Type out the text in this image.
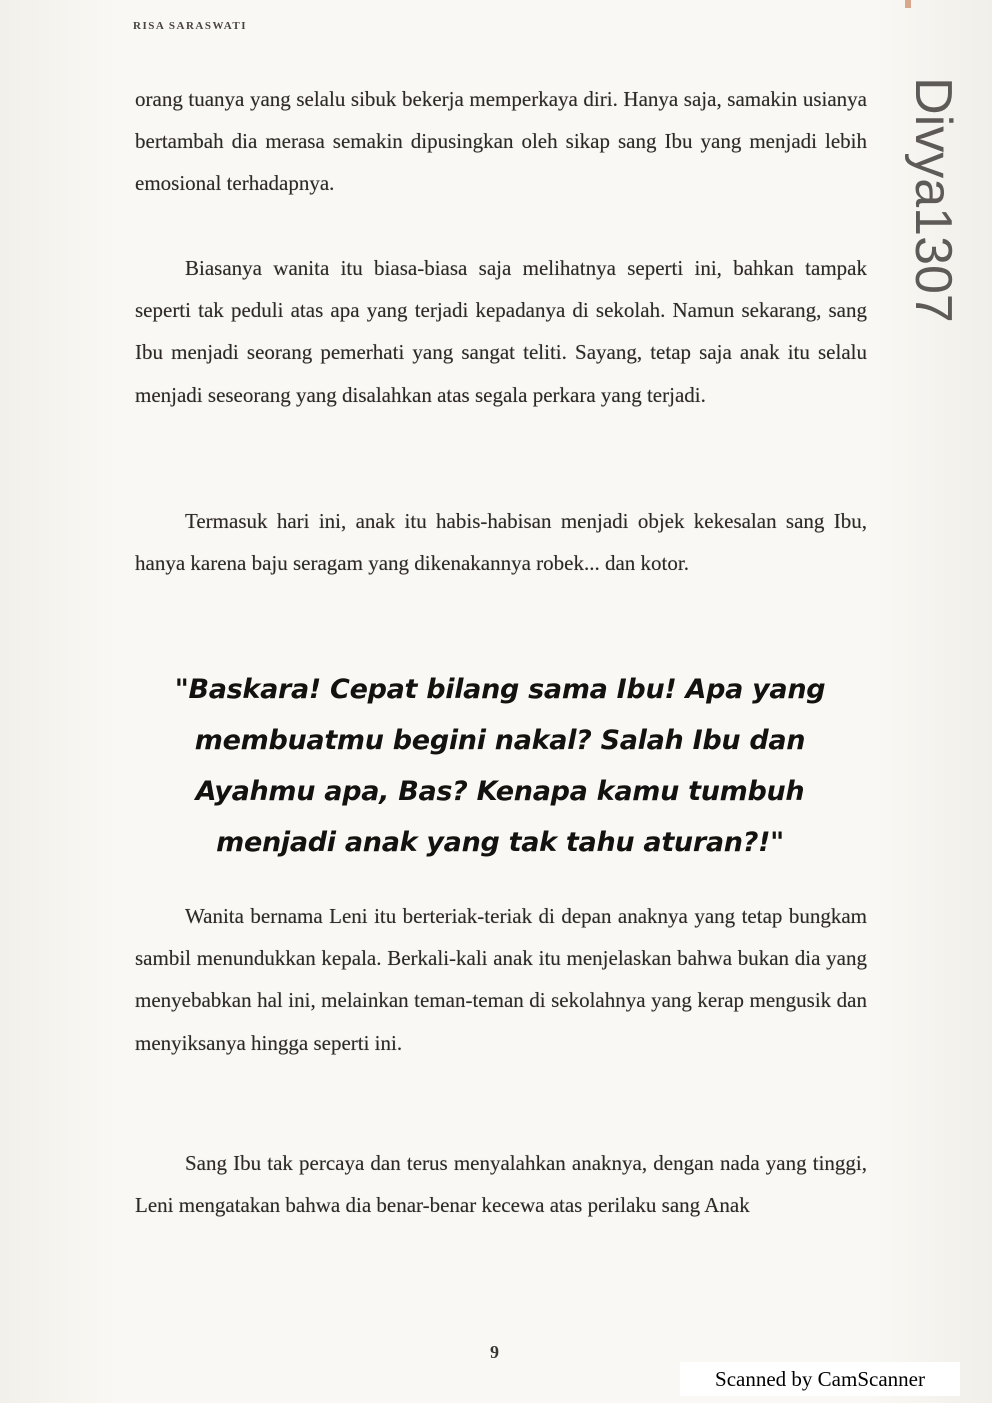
RISA SARASWATI
Divya1307

orang tuanya yang selalu sibuk bekerja memperkaya diri. Hanya saja, samakin usianya bertambah dia merasa semakin dipusingkan oleh sikap sang Ibu yang menjadi lebih emosional terhadapnya.

Biasanya wanita itu biasa-biasa saja melihatnya seperti ini, bahkan tampak seperti tak peduli atas apa yang terjadi kepadanya di sekolah. Namun sekarang, sang Ibu menjadi seorang pemerhati yang sangat teliti. Sayang, tetap saja anak itu selalu menjadi seseorang yang disalahkan atas segala perkara yang terjadi.

Termasuk hari ini, anak itu habis-habisan menjadi objek kekesalan sang Ibu, hanya karena baju seragam yang dikenakannya robek... dan kotor.

"Baskara! Cepat bilang sama Ibu! Apa yang membuatmu begini nakal? Salah Ibu dan Ayahmu apa, Bas? Kenapa kamu tumbuh menjadi anak yang tak tahu aturan?!"

Wanita bernama Leni itu berteriak-teriak di depan anaknya yang tetap bungkam sambil menundukkan kepala. Berkali-kali anak itu menjelaskan bahwa bukan dia yang menyebabkan hal ini, melainkan teman-teman di sekolahnya yang kerap mengusik dan menyiksanya hingga seperti ini.

Sang Ibu tak percaya dan terus menyalahkan anaknya, dengan nada yang tinggi, Leni mengatakan bahwa dia benar-benar kecewa atas perilaku sang Anak

9
Scanned by CamScanner
